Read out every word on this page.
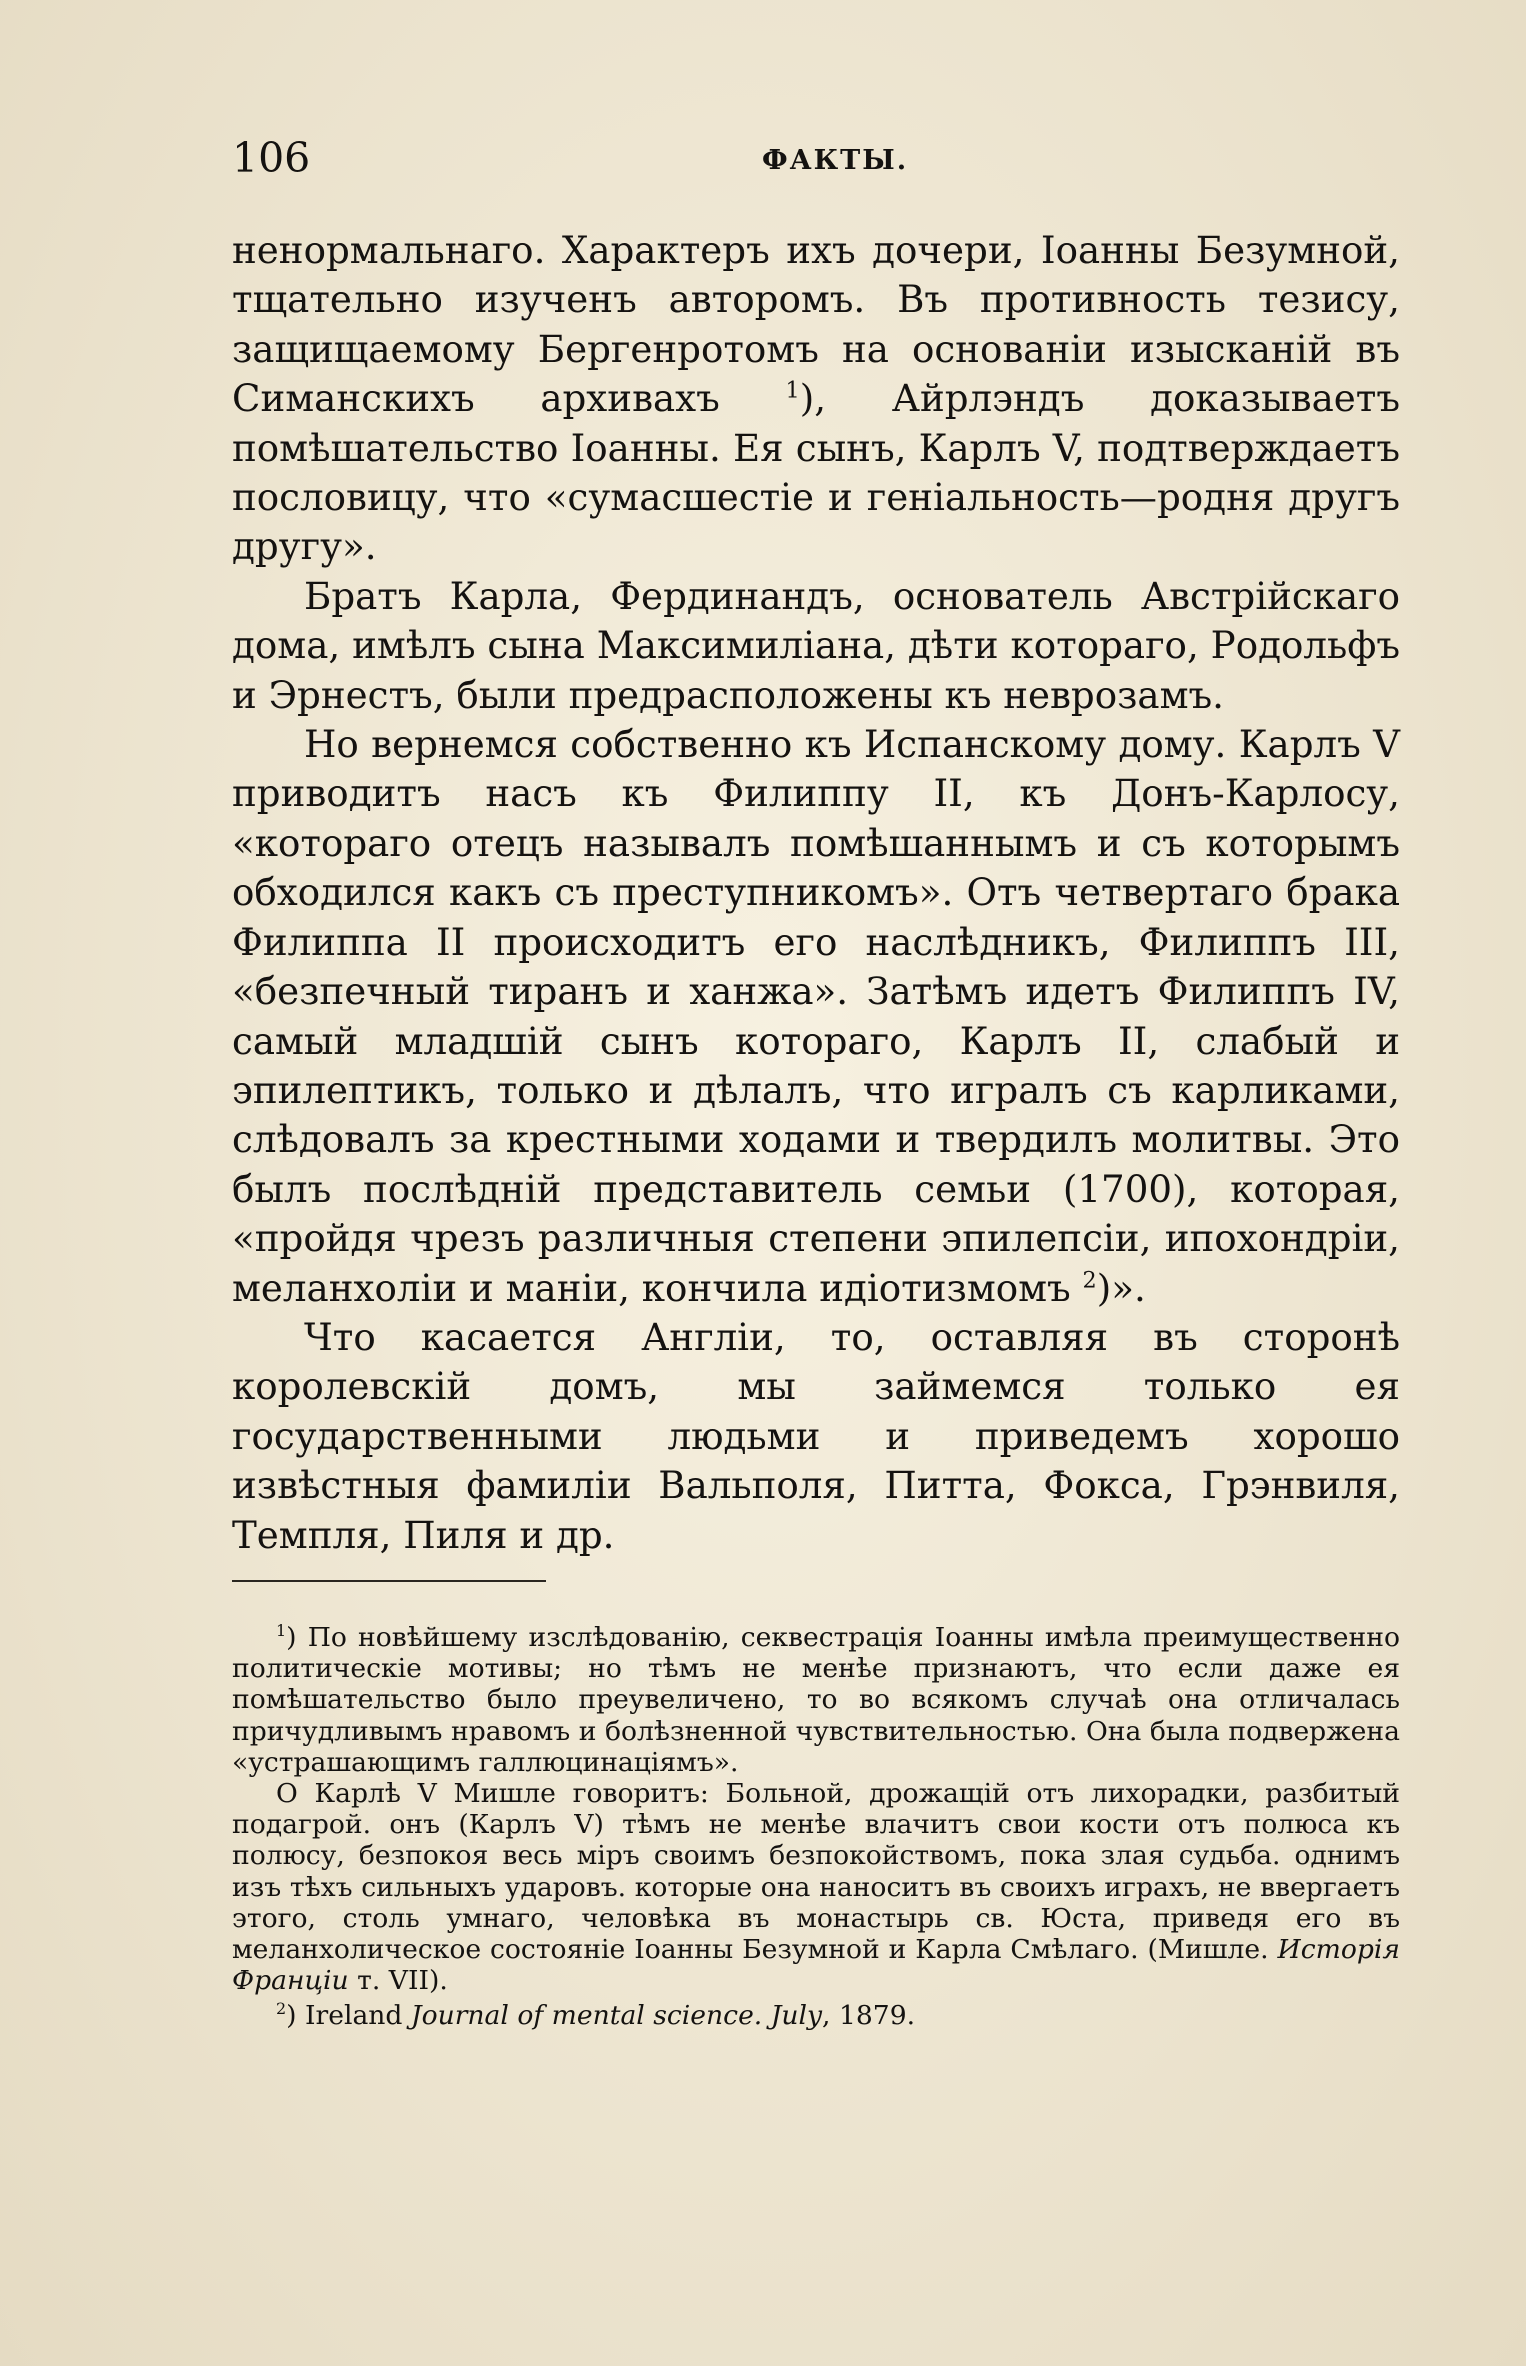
106	ФАКТЫ.

ненормальнаго. Характеръ ихъ дочери, Іоанны Безумной, тщательно изученъ авторомъ. Въ противность тезису, защищаемому Бергенротомъ на основаніи изысканій въ Симанскихъ архивахъ	$^1$), Айрлэндъ доказываетъ помѣшательство Іоанны. Ея сынъ, Карлъ V, подтверждаетъ пословицу, что «сумасшестіе и геніальность—родня другъ другу».

Братъ Карла, Фердинандъ, основатель Австрійскаго дома, имѣлъ сына Максимиліана, дѣти котораго, Родольфъ и Эрнестъ, были предрасположены къ неврозамъ.

Но вернемся собственно къ Испанскому дому. Карлъ V приводитъ насъ къ Филиппу II, къ Донъ-Карлосу, «котораго отецъ называлъ помѣшаннымъ и съ которымъ обходился какъ съ преступникомъ». Отъ четвертаго брака Филиппа II происходитъ его наслѣдникъ, Филиппъ III, «безпечный тиранъ и ханжа». Затѣмъ идетъ Филиппъ IV, самый младшій сынъ котораго, Карлъ II, слабый и эпилептикъ, только и дѣлалъ, что игралъ съ карликами, слѣдовалъ за крестными ходами и твердилъ молитвы. Это былъ послѣдній представитель семьи (1700), которая, «пройдя чрезъ различныя степени эпилепсіи, ипохондріи, меланхоліи и маніи, кончила идіотизмомъ $^2$)».

Что касается Англіи, то, оставляя въ сторонѣ королевскій домъ, мы займемся только ея государственными людьми и приведемъ хорошо извѣстныя фамиліи Вальполя, Питта, Фокса, Грэнвиля, Темпля, Пиля и др.

$^1$) По новѣйшему изслѣдованію, секвестрація Іоанны имѣла преимущественно политическіе мотивы; но тѣмъ не менѣе признаютъ, что если даже ея помѣшательство было преувеличено, то во всякомъ случаѣ она отличалась причудливымъ нравомъ и болѣзненной чувствительностью. Она была подвержена «устрашающимъ галлюцинаціямъ».

О Карлѣ V Мишле говоритъ: Больной, дрожащій отъ лихорадки, разбитый подагрой. онъ (Карлъ V) тѣмъ не менѣе влачитъ свои кости отъ полюса къ полюсу, безпокоя весь міръ своимъ безпокойствомъ, пока злая судьба. однимъ изъ тѣхъ сильныхъ ударовъ. которые она наноситъ въ своихъ играхъ, не ввергаетъ этого, столь умнаго, человѣка въ монастырь св. Юста, приведя его въ меланхолическое состояніе Іоанны Безумной и Карла Смѣлаго. (Мишле. Исторія Франціи т. VII).

$^2$) Ireland Journal of mental science. July, 1879.
